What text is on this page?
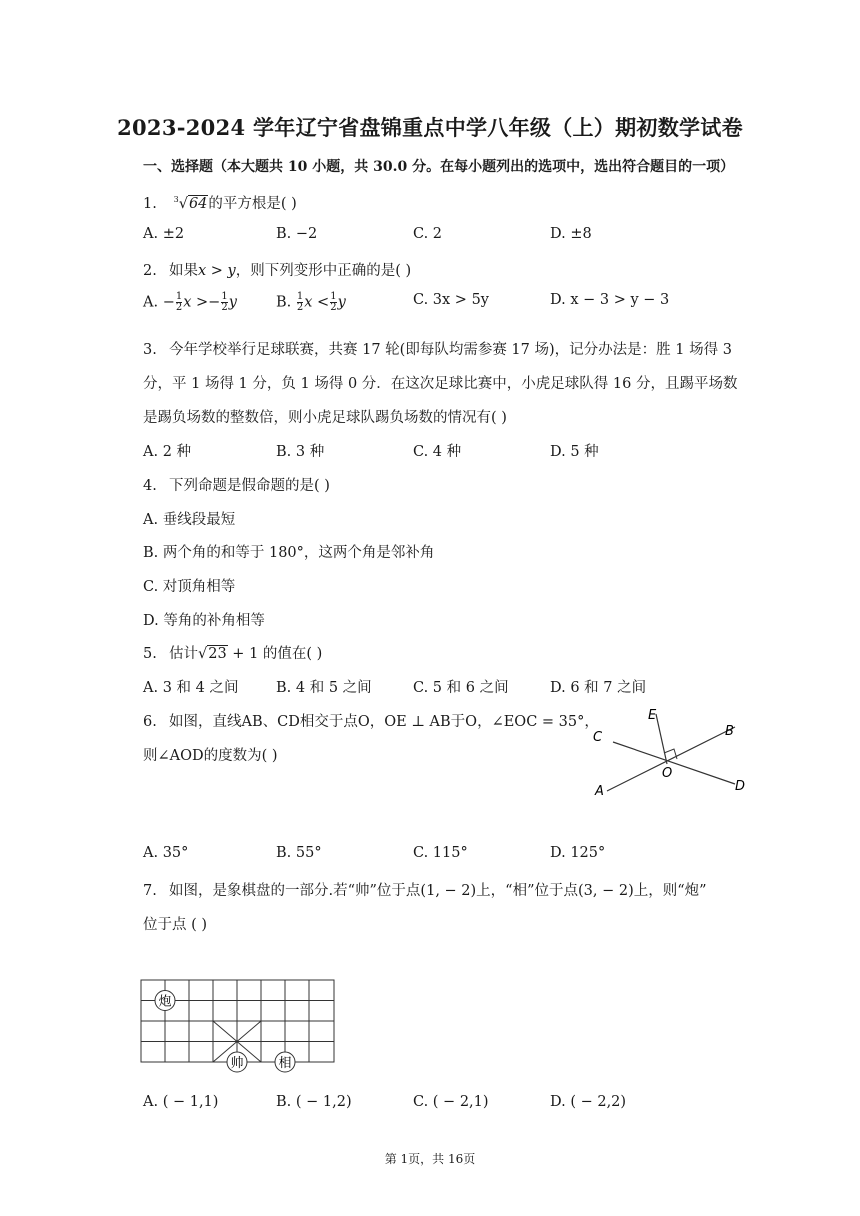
2023-2024 学年辽宁省盘锦重点中学八年级（上）期初数学试卷
一、选择题（本大题共 10 小题，共 30.0 分。在每小题列出的选项中，选出符合题目的一项）
1. $^3$√64的平方根是( )
A. ±2	B. −2	C. 2	D. ±8
2. 如果x > y，则下列变形中正确的是( )
A. − $\frac{1}{2}$ $x >- \frac{1}{2}$ y	B. $\frac{1}{2}$ $x < \frac{1}{2}$ y	C. 3x > 5y	D. x − 3 > y − 3
3. 今年学校举行足球联赛，共赛 17 轮(即每队均需参赛 17 场)，记分办法是：胜 1 场得 3
分，平 1 场得 1 分，负 1 场得 0 分．在这次足球比赛中，小虎足球队得 16 分，且踢平场数
是踢负场数的整数倍，则小虎足球队踢负场数的情况有( )
A. 2 种	B. 3 种	C. 4 种	D. 5 种
4. 下列命题是假命题的是( )
A. 垂线段最短
B. 两个角的和等于 180°，这两个角是邻补角
C. 对顶角相等
D. 等角的补角相等
5. 估计√23 + 1 的值在( )
A. 3 和 4 之间	B. 4 和 5 之间	C. 5 和 6 之间	D. 6 和 7 之间
6. 如图，直线AB、CD相交于点O，OE ⊥ AB于O，∠EOC = 35°，
则∠AOD的度数为( )
E
C	B
O
A	D
A. 35°	B. 55°	C. 115°	D. 125°
7. 如图，是象棋盘的一部分.若“帅”位于点(1, − 2)上，“相”位于点(3, − 2)上，则“炮”
位于点 ( )
炮
帅	相
A. ( − 1,1)	B. ( − 1,2)	C. ( − 2,1)	D. ( − 2,2)
第 1页，共 16页
